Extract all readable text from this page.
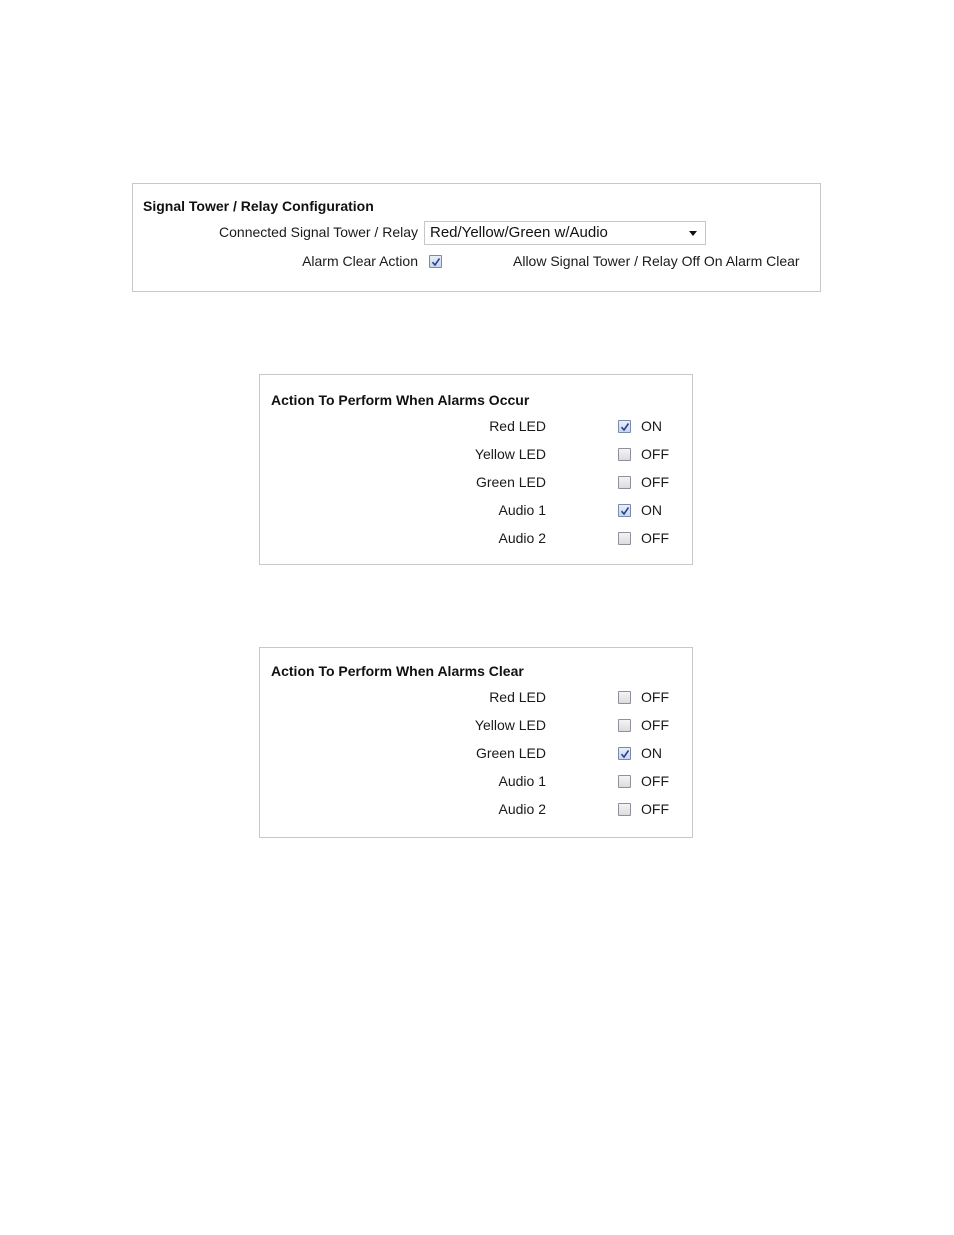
Signal Tower / Relay Configuration
Connected Signal Tower / Relay Red/Yellow/Green w/Audio
Alarm Clear Action	Allow Signal Tower / Relay Off On Alarm Clear
Action To Perform When Alarms Occur
Red LED	ON
Yellow LED	OFF
Green LED	OFF
Audio 1	ON
Audio 2	OFF
Action To Perform When Alarms Clear
Red LED	OFF
Yellow LED	OFF
Green LED	ON
Audio 1	OFF
Audio 2	OFF
